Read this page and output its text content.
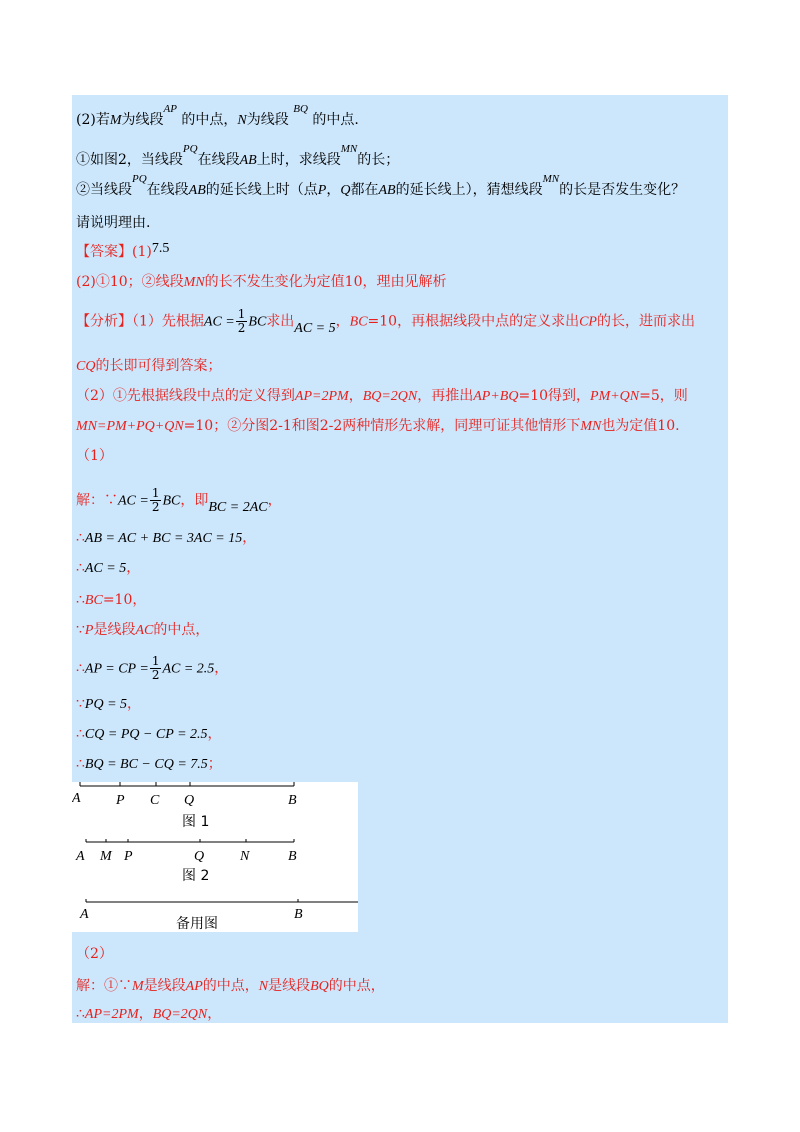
(2)若M为线段$^{AP}$ 的中点，N为线段 $^{BQ}$ 的中点.
①如图2，当线段$^{PQ}$在线段AB上时，求线段$^{MN}$的长；
②当线段$^{PQ}$在线段AB的延长线上时（点P，Q都在AB的延长线上），猜想线段$^{MN}$的长是否发生变化？
请说明理由.
【答案】(1)7.5
(2)①10；②线段MN的长不发生变化为定值10，理由见解析
【分析】（1）先根据AC = $\frac{1}{2}$ BC求出AC = 5，BC=10，再根据线段中点的定义求出CP的长，进而求出
CQ的长即可得到答案；
（2）①先根据线段中点的定义得到AP=2PM，BQ=2QN，再推出AP+BQ=10得到，PM+QN=5，则
MN=PM+PQ+QN=10；②分图2-1和图2-2两种情形先求解，同理可证其他情形下MN也为定值10.
（1）
解：∵AC = $\frac{1}{2}$ BC，即BC = 2AC，
∴AB = AC + BC = 3AC = 15，
∴AC = 5，
∴BC=10，
∵P是线段AC的中点，
∴AP = CP = $\frac{1}{2}$ AC = 2.5，
∵PQ = 5，
∴CQ = PQ − CP = 2.5，
∴BQ = BC − CQ = 7.5；
A	P C Q	B
图 1
A M P	Q	N	B
图 2
A	B
备用图
（2）
解：①∵M是线段AP的中点，N是线段BQ的中点，
∴AP=2PM，BQ=2QN，
